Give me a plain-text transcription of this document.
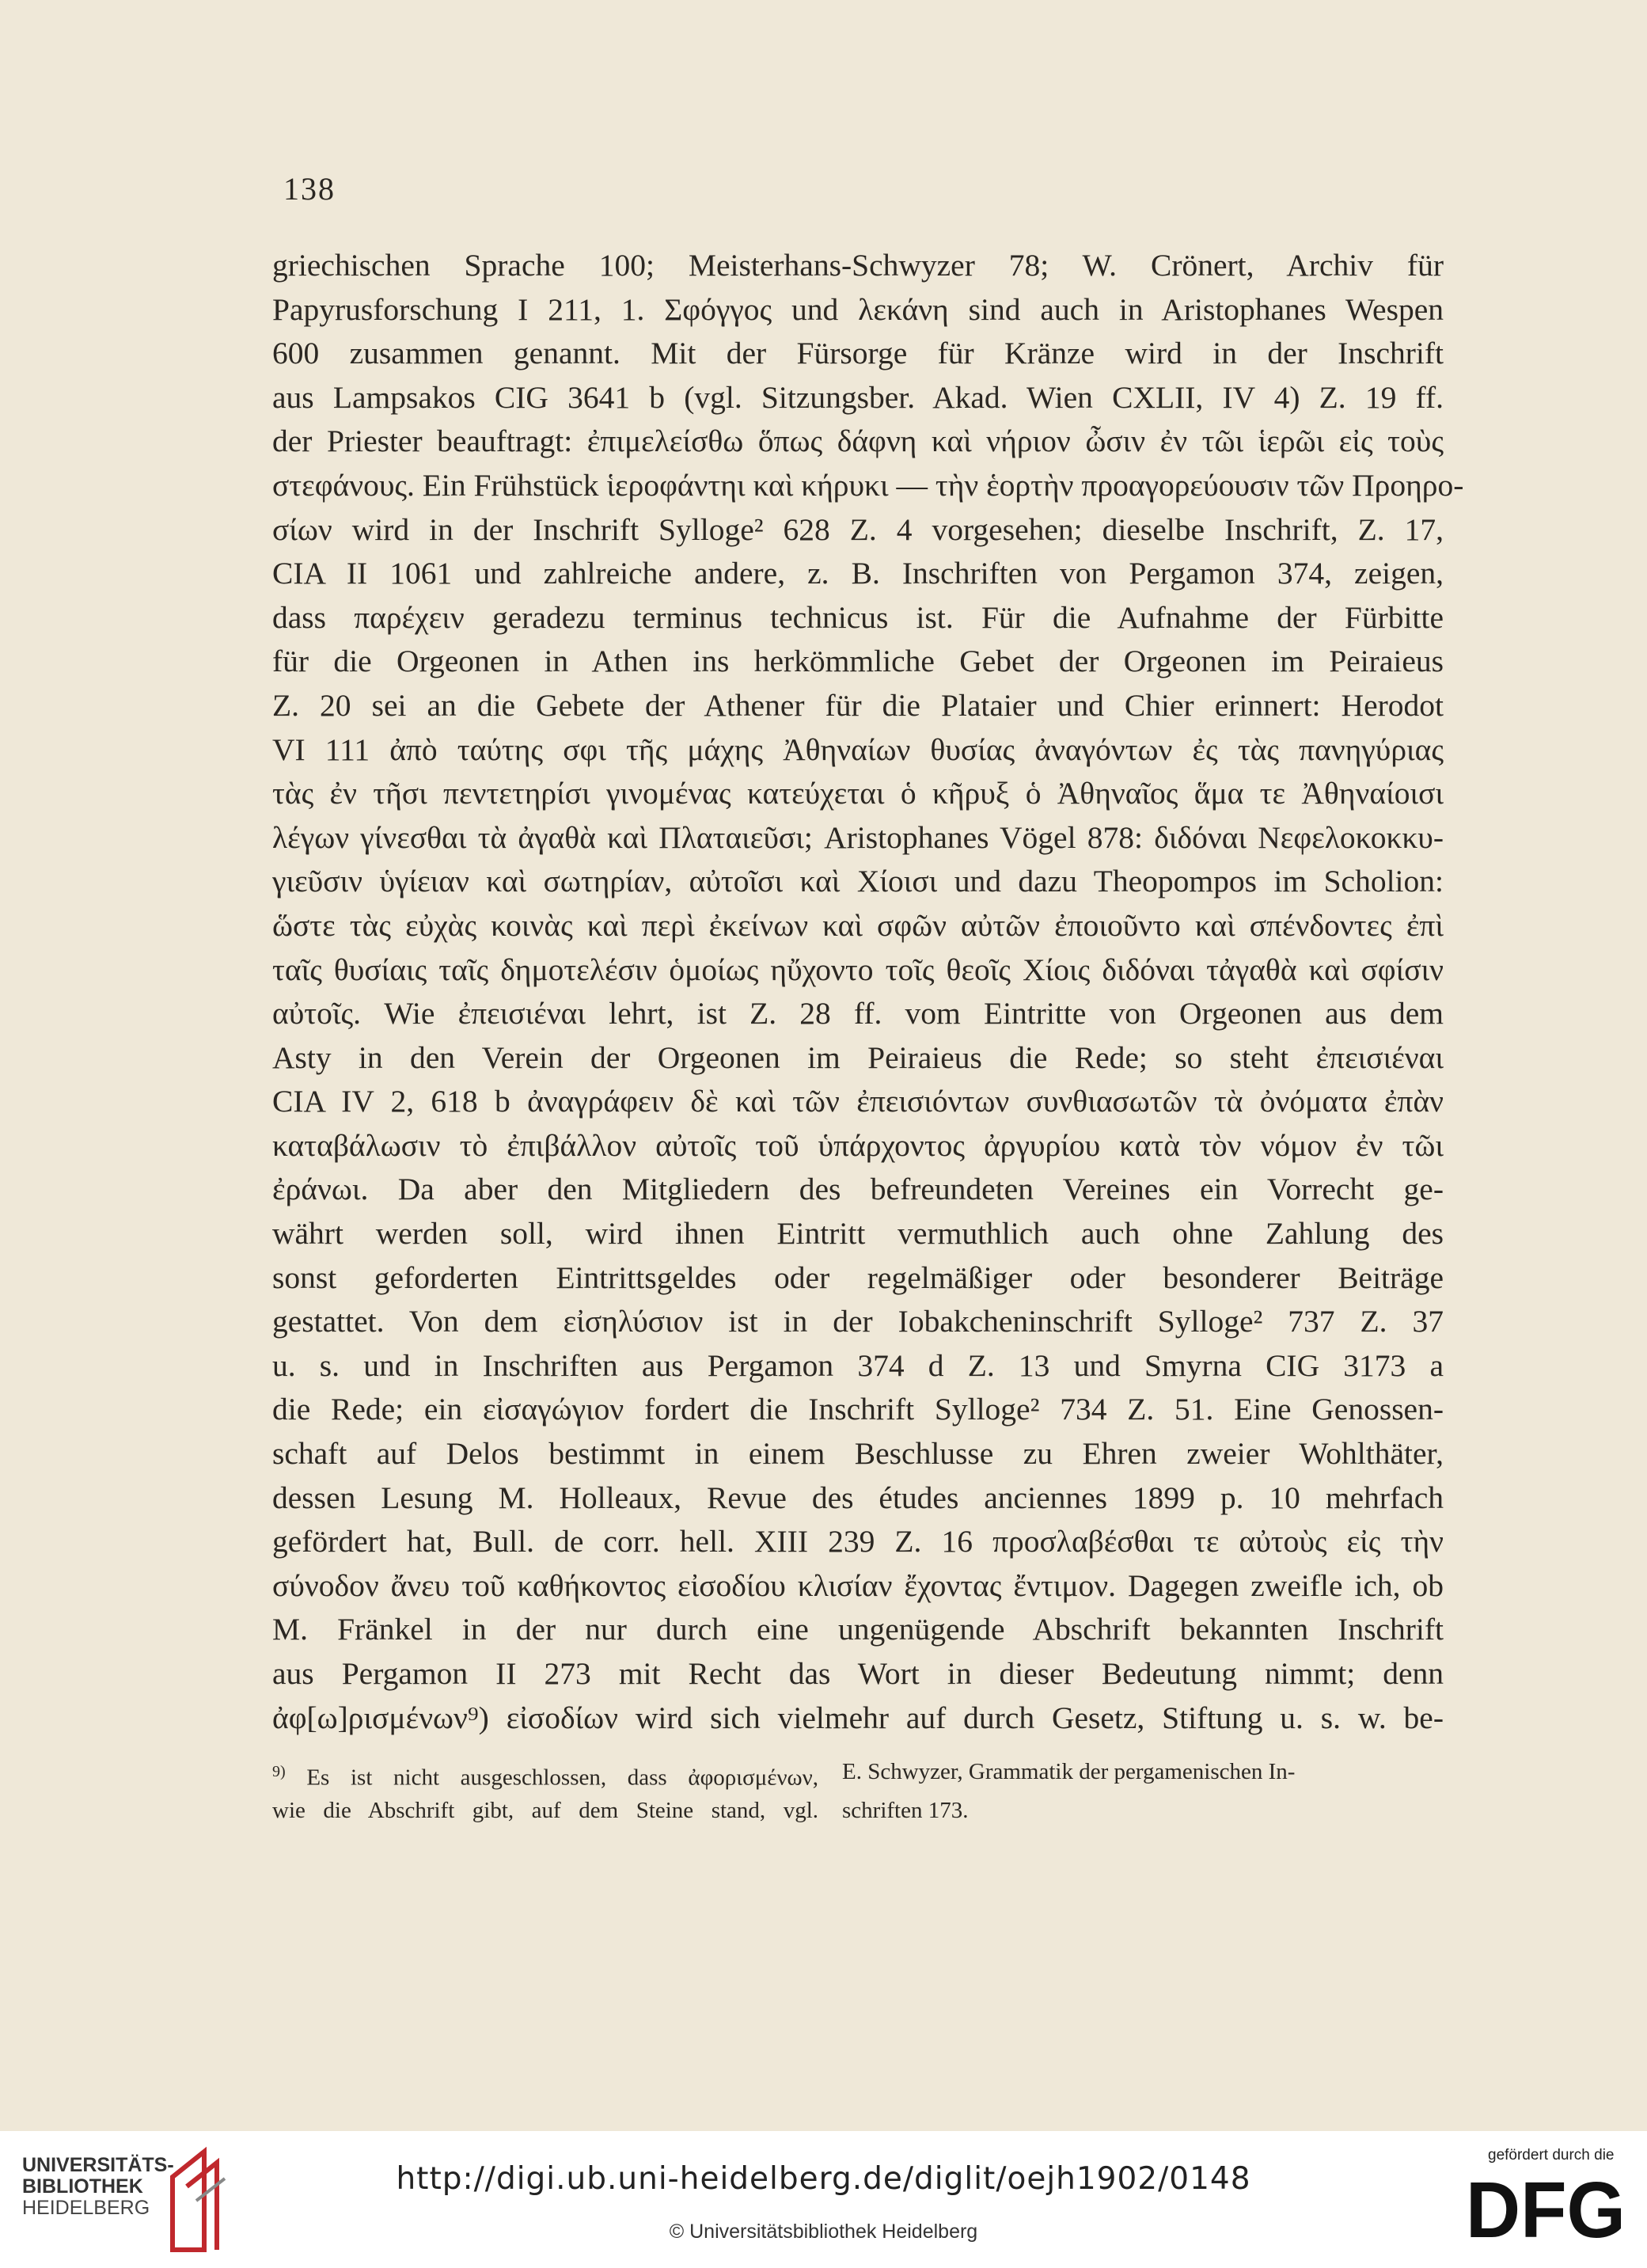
138
griechischen Sprache 100; Meisterhans-Schwyzer 78; W. Crönert, Archiv für
Papyrusforschung I 211, 1. Σφόγγος und λεκάνη sind auch in Aristophanes Wespen
600 zusammen genannt. Mit der Fürsorge für Kränze wird in der Inschrift
aus Lampsakos CIG 3641 b (vgl. Sitzungsber. Akad. Wien CXLII, IV 4) Z. 19 ff.
der Priester beauftragt: ἐπιμελείσθω ὅπως δάφνη καὶ νήριον ὦσιν ἐν τῶι ἱερῶι εἰς τοὺς
στεφάνους. Ein Frühstück ἱεροφάντηι καὶ κήρυκι — τὴν ἑορτὴν προαγορεύουσιν τῶν Προηρο-
σίων wird in der Inschrift Sylloge² 628 Z. 4 vorgesehen; dieselbe Inschrift, Z. 17,
CIA II 1061 und zahlreiche andere, z. B. Inschriften von Pergamon 374, zeigen,
dass παρέχειν geradezu terminus technicus ist. Für die Aufnahme der Fürbitte
für die Orgeonen in Athen ins herkömmliche Gebet der Orgeonen im Peiraieus
Z. 20 sei an die Gebete der Athener für die Plataier und Chier erinnert: Herodot
VI 111 ἀπὸ ταύτης σφι τῆς μάχης Ἀθηναίων θυσίας ἀναγόντων ἐς τὰς πανηγύριας
τὰς ἐν τῆσι πεντετηρίσι γινομένας κατεύχεται ὁ κῆρυξ ὁ Ἀθηναῖος ἅμα τε Ἀθηναίοισι
λέγων γίνεσθαι τὰ ἀγαθὰ καὶ Πλαταιεῦσι; Aristophanes Vögel 878: διδόναι Νεφελοκοκκυ-
γιεῦσιν ὑγίειαν καὶ σωτηρίαν, αὐτοῖσι καὶ Χίοισι und dazu Theopompos im Scholion:
ὥστε τὰς εὐχὰς κοινὰς καὶ περὶ ἐκείνων καὶ σφῶν αὐτῶν ἐποιοῦντο καὶ σπένδοντες ἐπὶ
ταῖς θυσίαις ταῖς δημοτελέσιν ὁμοίως ηὔχοντο τοῖς θεοῖς Χίοις διδόναι τἀγαθὰ καὶ σφίσιν
αὐτοῖς. Wie ἐπεισιέναι lehrt, ist Z. 28 ff. vom Eintritte von Orgeonen aus dem
Asty in den Verein der Orgeonen im Peiraieus die Rede; so steht ἐπεισιέναι
CIA IV 2, 618 b ἀναγράφειν δὲ καὶ τῶν ἐπεισιόντων συνθιασωτῶν τὰ ὀνόματα ἐπὰν
καταβάλωσιν τὸ ἐπιβάλλον αὐτοῖς τοῦ ὑπάρχοντος ἀργυρίου κατὰ τὸν νόμον ἐν τῶι
ἐράνωι. Da aber den Mitgliedern des befreundeten Vereines ein Vorrecht ge-
währt werden soll, wird ihnen Eintritt vermuthlich auch ohne Zahlung des
sonst geforderten Eintrittsgeldes oder regelmäßiger oder besonderer Beiträge
gestattet. Von dem εἰσηλύσιον ist in der Iobakcheninschrift Sylloge² 737 Z. 37
u. s. und in Inschriften aus Pergamon 374 d Z. 13 und Smyrna CIG 3173 a
die Rede; ein εἰσαγώγιον fordert die Inschrift Sylloge² 734 Z. 51. Eine Genossen-
schaft auf Delos bestimmt in einem Beschlusse zu Ehren zweier Wohlthäter,
dessen Lesung M. Holleaux, Revue des études anciennes 1899 p. 10 mehrfach
gefördert hat, Bull. de corr. hell. XIII 239 Z. 16 προσλαβέσθαι τε αὐτοὺς εἰς τὴν
σύνοδον ἄνευ τοῦ καθήκοντος εἰσοδίου κλισίαν ἔχοντας ἔντιμον. Dagegen zweifle ich, ob
M. Fränkel in der nur durch eine ungenügende Abschrift bekannten Inschrift
aus Pergamon II 273 mit Recht das Wort in dieser Bedeutung nimmt; denn
ἀφ[ω]ρισμένων⁹) εἰσοδίων wird sich vielmehr auf durch Gesetz, Stiftung u. s. w. be-
$^{9)}$ Es ist nicht ausgeschlossen, dass ἀφορισμένων, E. Schwyzer, Grammatik der pergamenischen In-
wie die Abschrift gibt, auf dem Steine stand, vgl. schriften 173.
UNIVERSITÄTS-
BIBLIOTHEK
HEIDELBERG
http://digi.ub.uni-heidelberg.de/diglit/oejh1902/0148
© Universitätsbibliothek Heidelberg
gefördert durch die
DFG
